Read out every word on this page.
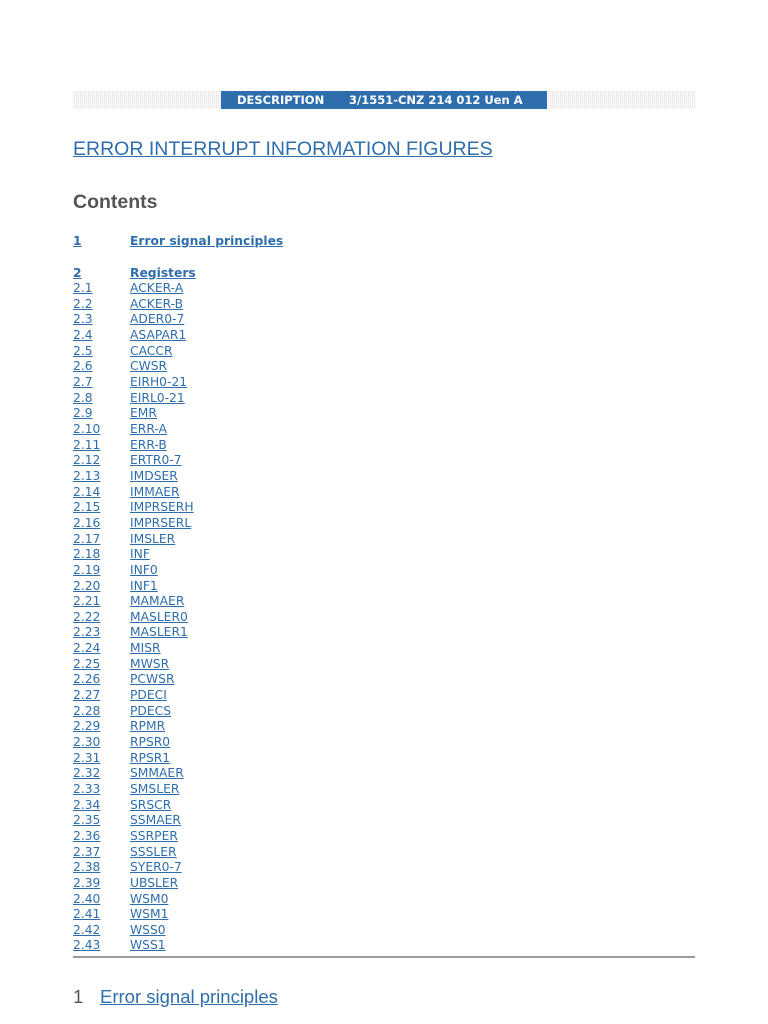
DESCRIPTION 3/1551-CNZ 214 012 Uen A
ERROR INTERRUPT INFORMATION FIGURES
Contents
1	Error signal principles
2	Registers
2.1	ACKER-A
2.2	ACKER-B
2.3	ADER0-7
2.4	ASAPAR1
2.5	CACCR
2.6	CWSR
2.7	EIRH0-21
2.8	EIRL0-21
2.9	EMR
2.10 ERR-A
2.11 ERR-B
2.12 ERTR0-7
2.13 IMDSER
2.14 IMMAER
2.15 IMPRSERH
2.16 IMPRSERL
2.17 IMSLER
2.18 INF
2.19 INF0
2.20 INF1
2.21 MAMAER
2.22 MASLER0
2.23 MASLER1
2.24 MISR
2.25 MWSR
2.26 PCWSR
2.27 PDECI
2.28 PDECS
2.29 RPMR
2.30 RPSR0
2.31 RPSR1
2.32 SMMAER
2.33 SMSLER
2.34 SRSCR
2.35 SSMAER
2.36 SSRPER
2.37 SSSLER
2.38 SYER0-7
2.39 UBSLER
2.40 WSM0
2.41 WSM1
2.42 WSS0
2.43 WSS1
1 Error signal principles
